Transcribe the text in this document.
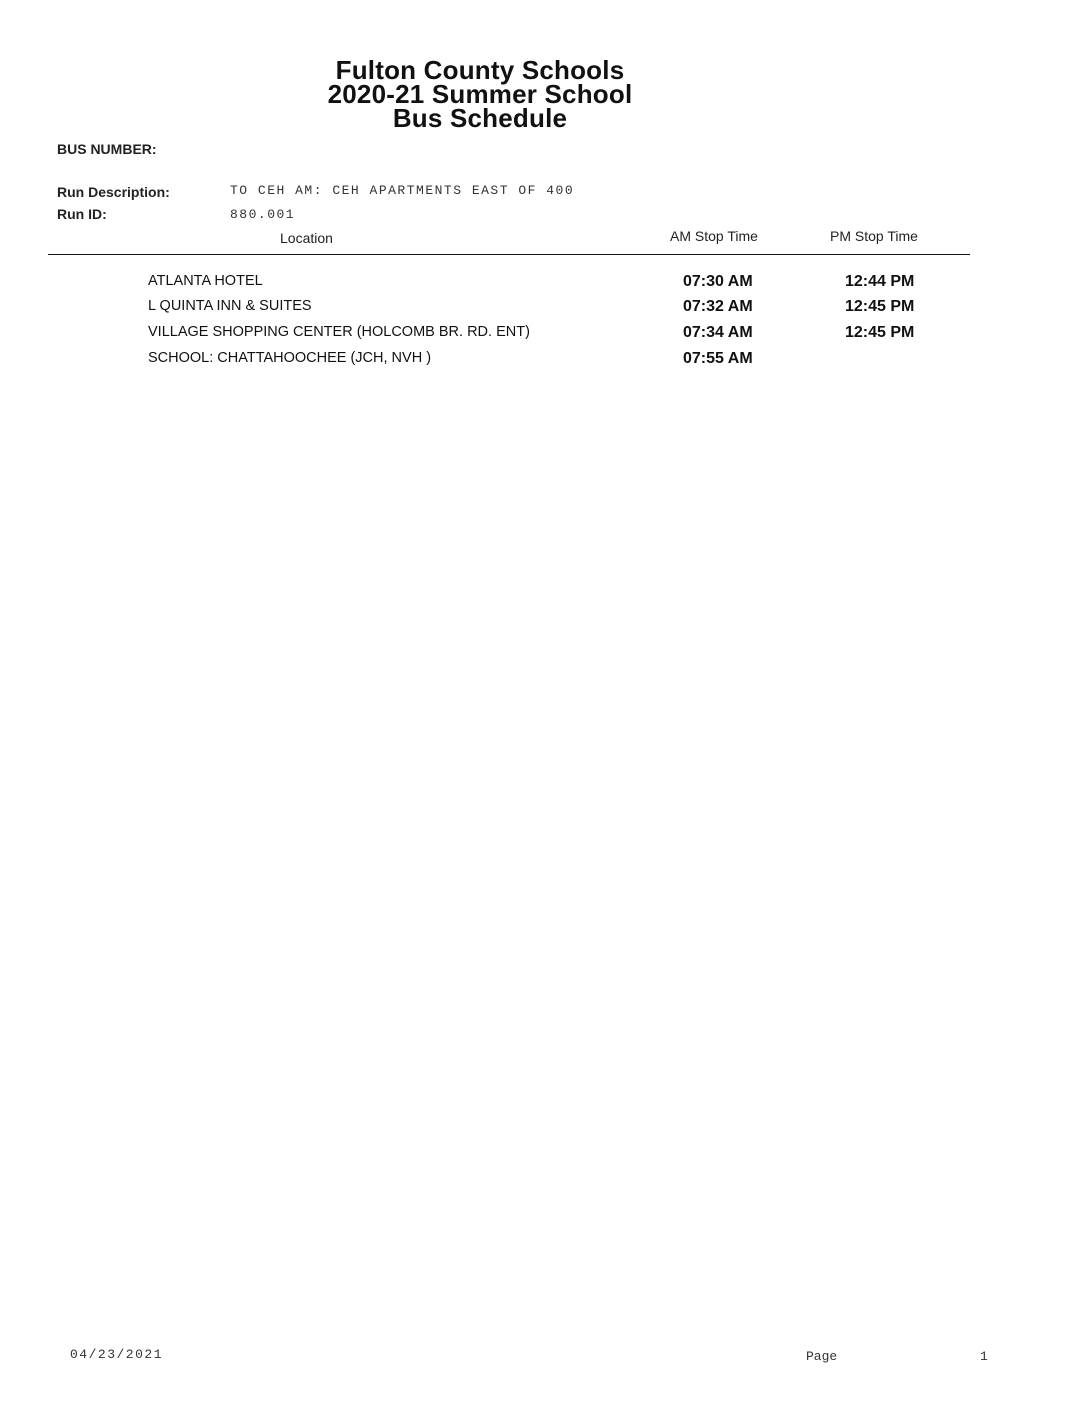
Fulton County Schools
2020-21 Summer School
Bus Schedule
BUS NUMBER:
Run Description:	TO CEH AM: CEH APARTMENTS EAST OF 400
Run ID:	880.001
Location	AM Stop Time	PM Stop Time
ATLANTA HOTEL	07:30 AM	12:44 PM
L QUINTA INN & SUITES	07:32 AM	12:45 PM
VILLAGE SHOPPING CENTER (HOLCOMB BR. RD. ENT)	07:34 AM	12:45 PM
SCHOOL: CHATTAHOOCHEE (JCH, NVH )	07:55 AM
04/23/2021	Page	1
